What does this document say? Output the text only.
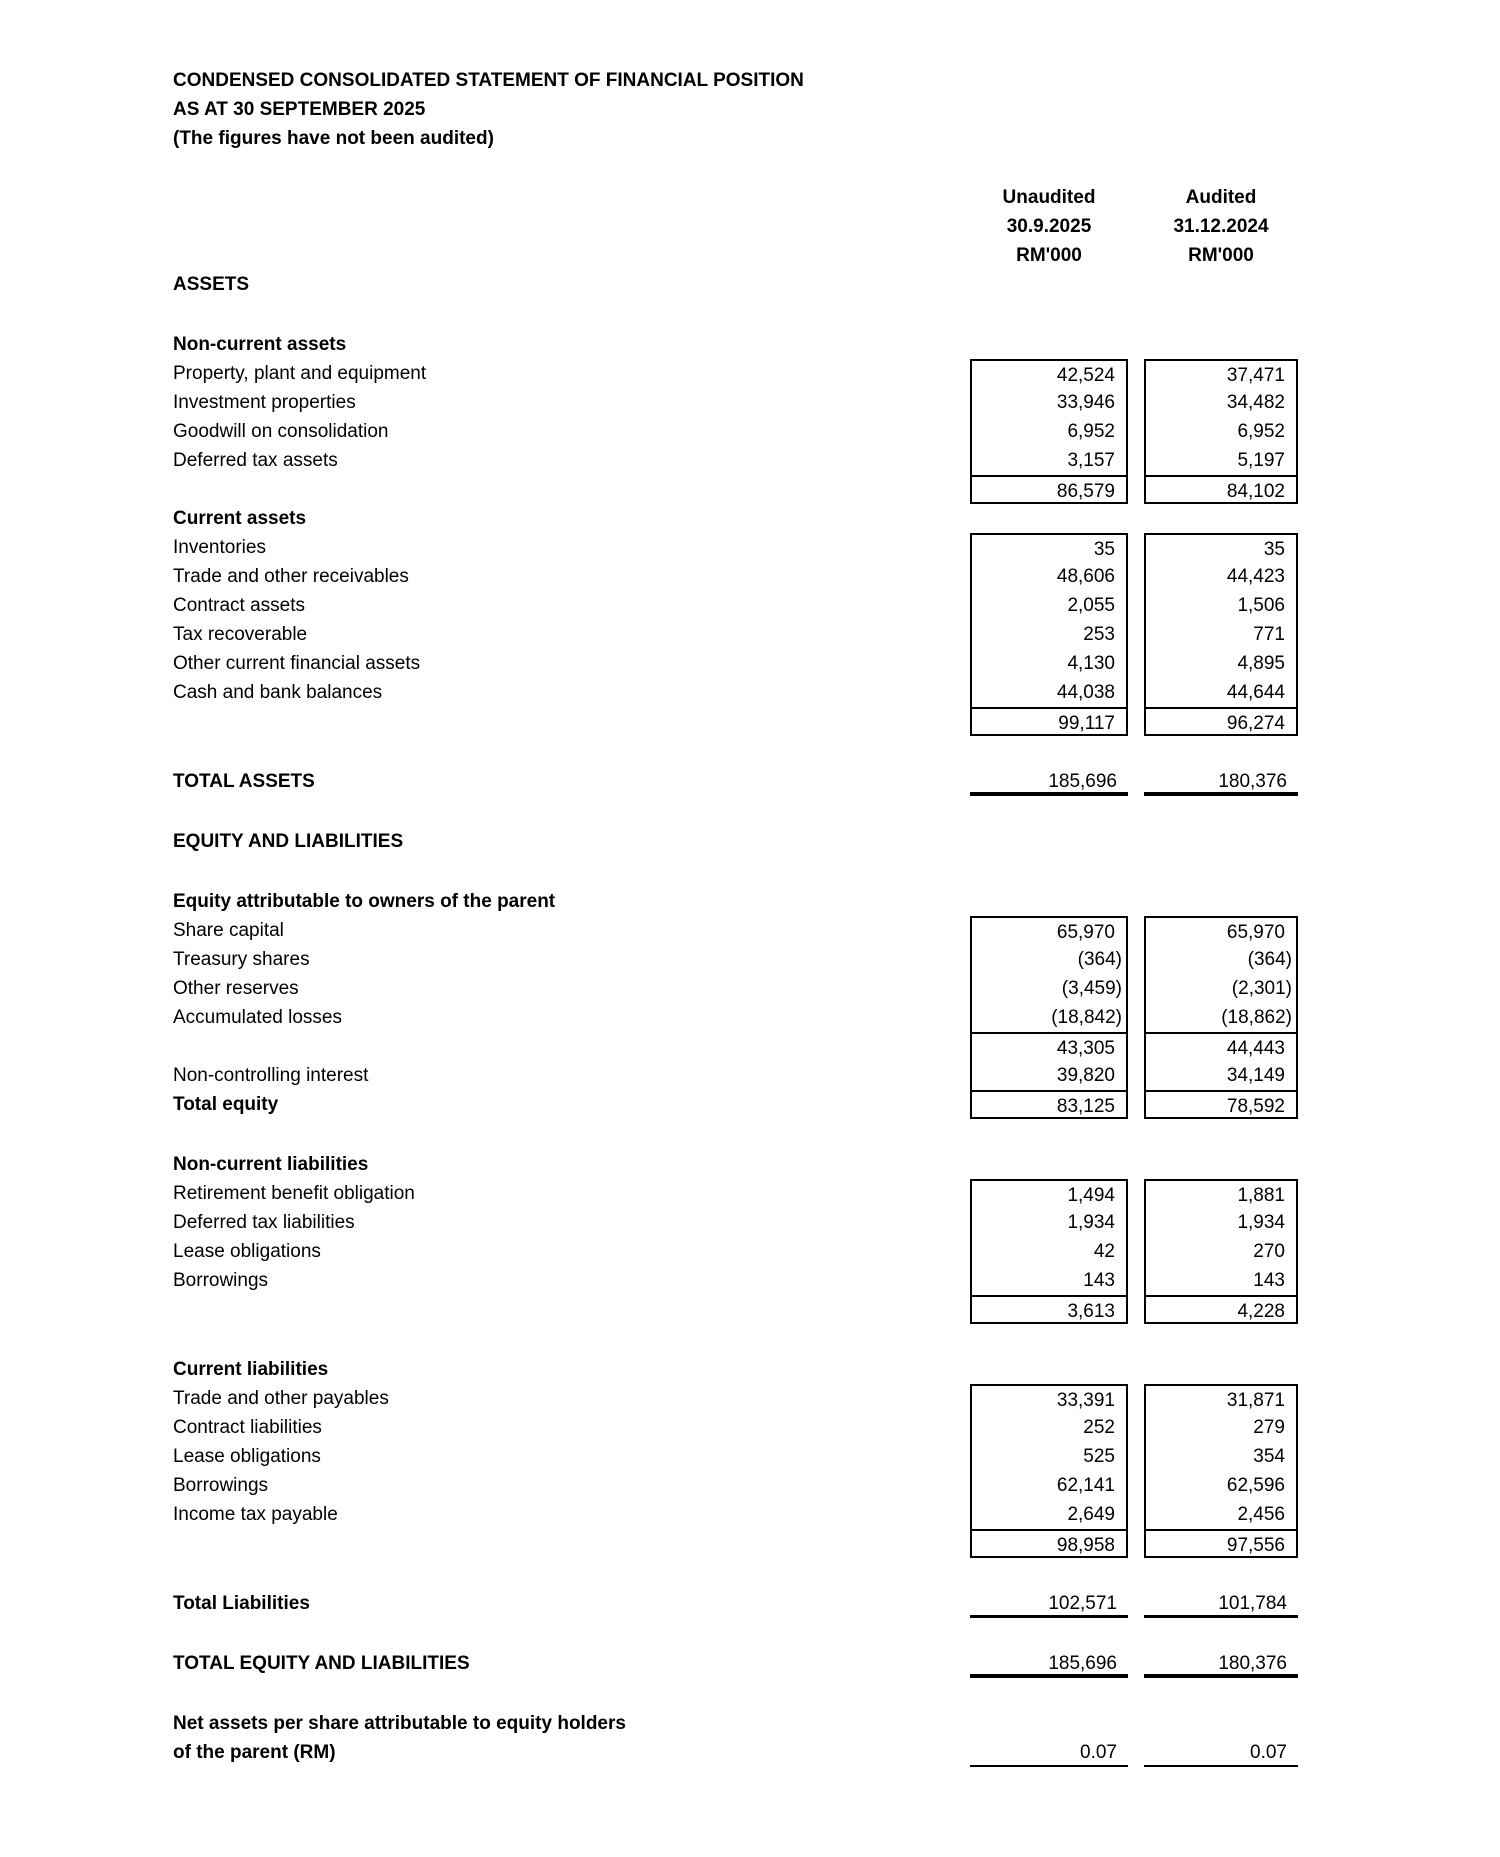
CONDENSED CONSOLIDATED STATEMENT OF FINANCIAL POSITION
AS AT 30 SEPTEMBER 2025
(The figures have not been audited)
Unaudited	Audited
30.9.2025	31.12.2024
RM'000	RM'000
ASSETS
Non-current assets
Property, plant and equipment	42,524	37,471
Investment properties	33,946	34,482
Goodwill on consolidation	6,952	6,952
Deferred tax assets	3,157	5,197
86,579	84,102
Current assets
Inventories	35	35
Trade and other receivables	48,606	44,423
Contract assets	2,055	1,506
Tax recoverable	253	771
Other current financial assets	4,130	4,895
Cash and bank balances	44,038	44,644
99,117	96,274
TOTAL ASSETS	185,696	180,376
EQUITY AND LIABILITIES
Equity attributable to owners of the parent
Share capital	65,970	65,970
Treasury shares	(364)	(364)
Other reserves	(3,459)	(2,301)
Accumulated losses	(18,842)	(18,862)
43,305	44,443
Non-controlling interest	39,820	34,149
Total equity	83,125	78,592
Non-current liabilities
Retirement benefit obligation	1,494	1,881
Deferred tax liabilities	1,934	1,934
Lease obligations	42	270
Borrowings	143	143
3,613	4,228
Current liabilities
Trade and other payables	33,391	31,871
Contract liabilities	252	279
Lease obligations	525	354
Borrowings	62,141	62,596
Income tax payable	2,649	2,456
98,958	97,556
Total Liabilities	102,571	101,784
TOTAL EQUITY AND LIABILITIES	185,696	180,376
Net assets per share attributable to equity holders
of the parent (RM)	0.07	0.07
